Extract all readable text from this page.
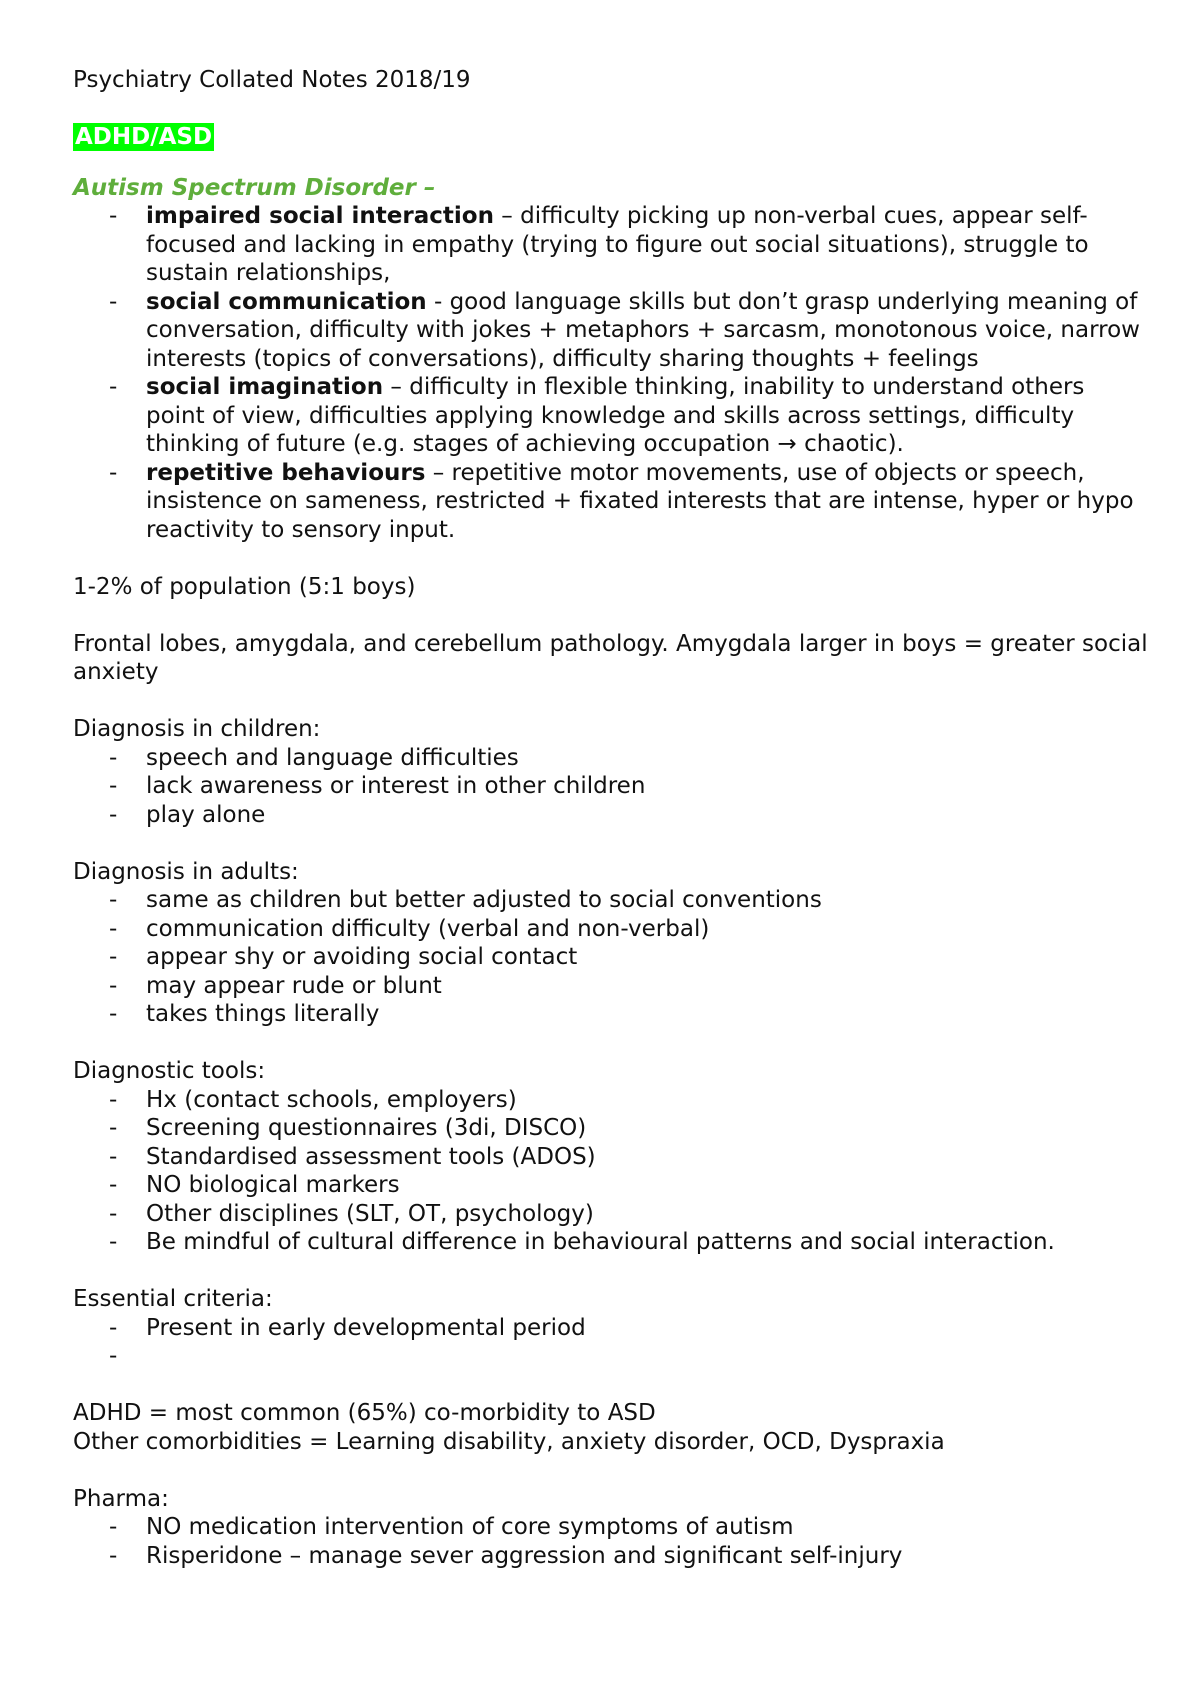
Psychiatry Collated Notes 2018/19

ADHD/ASD

Autism Spectrum Disorder –

- impaired social interaction – difficulty picking up non-verbal cues, appear self-focused and lacking in empathy (trying to figure out social situations), struggle to sustain relationships,
- social communication - good language skills but don’t grasp underlying meaning of conversation, difficulty with jokes + metaphors + sarcasm, monotonous voice, narrow interests (topics of conversations), difficulty sharing thoughts + feelings
- social imagination – difficulty in flexible thinking, inability to understand others point of view, difficulties applying knowledge and skills across settings, difficulty thinking of future (e.g. stages of achieving occupation → chaotic).
- repetitive behaviours – repetitive motor movements, use of objects or speech, insistence on sameness, restricted + fixated interests that are intense, hyper or hypo reactivity to sensory input.

1-2% of population (5:1 boys)

Frontal lobes, amygdala, and cerebellum pathology. Amygdala larger in boys = greater social anxiety

Diagnosis in children:

- speech and language difficulties
- lack awareness or interest in other children
- play alone

Diagnosis in adults:

- same as children but better adjusted to social conventions
- communication difficulty (verbal and non-verbal)
- appear shy or avoiding social contact
- may appear rude or blunt
- takes things literally

Diagnostic tools:

- Hx (contact schools, employers)
- Screening questionnaires (3di, DISCO)
- Standardised assessment tools (ADOS)
- NO biological markers
- Other disciplines (SLT, OT, psychology)
- Be mindful of cultural difference in behavioural patterns and social interaction.

Essential criteria:

- Present in early developmental period
-

ADHD = most common (65%) co-morbidity to ASD

Other comorbidities = Learning disability, anxiety disorder, OCD, Dyspraxia

Pharma:

- NO medication intervention of core symptoms of autism
- Risperidone – manage sever aggression and significant self-injury
